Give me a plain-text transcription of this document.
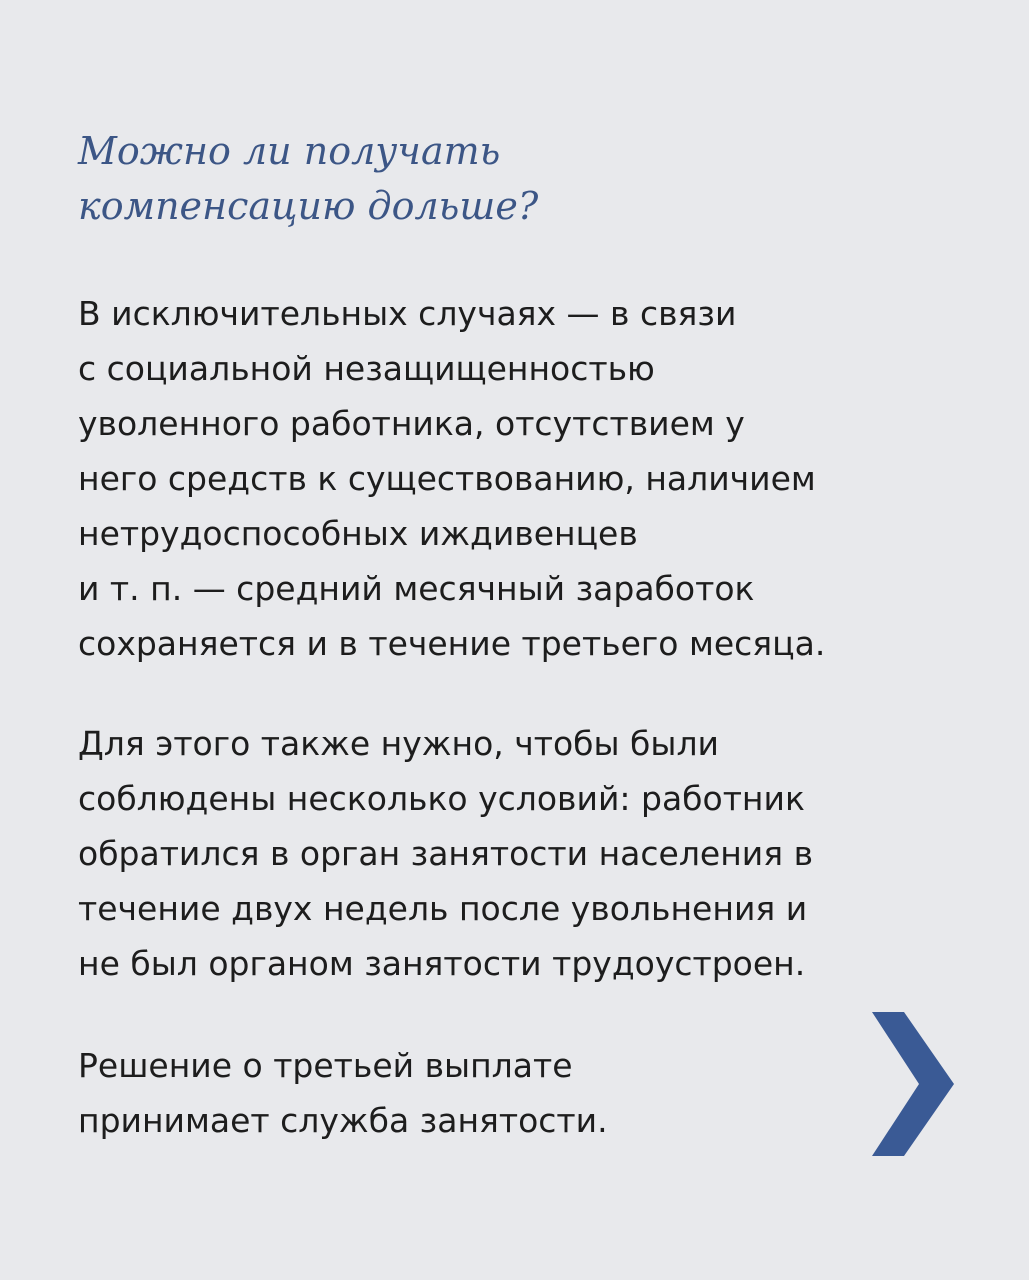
Можно ли получать
компенсацию дольше?
В исключительных случаях — в связи
с социальной незащищенностью
уволенного работника, отсутствием у
него средств к существованию, наличием
нетрудоспособных иждивенцев
и т. п. — средний месячный заработок
сохраняется и в течение третьего месяца.
Для этого также нужно, чтобы были
соблюдены несколько условий: работник
обратился в орган занятости населения в
течение двух недель после увольнения и
не был органом занятости трудоустроен.
Решение о третьей выплате
принимает служба занятости.
